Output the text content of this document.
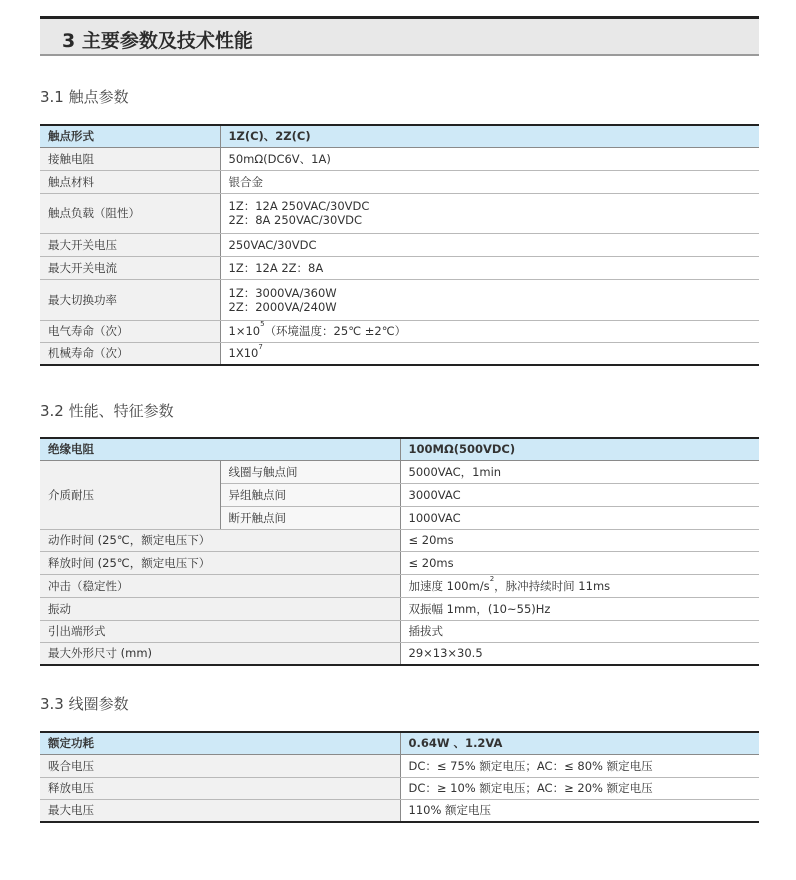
3 主要参数及技术性能
3.1 触点参数
触点形式	1Z(C)、2Z(C)
接触电阻	50mΩ(DC6V、1A)
触点材料	银合金
触点负载（阻性）	1Z：12A 250VAC/30VDC
2Z：8A 250VAC/30VDC

最大开关电压	250VAC/30VDC
最大开关电流	1Z：12A 2Z：8A
最大切换功率	1Z：3000VA/360W
2Z：2000VA/240W

电气寿命（次）	$1\times 10^5$（环境温度：25℃ ±2℃）
机械寿命（次）	$1X10^7$
3.2 性能、特征参数
绝缘电阻		100MΩ(500VDC)
介质耐压	线圈与触点间	5000VAC，1min
	异组触点间	3000VAC
	断开触点间	1000VAC
动作时间 (25℃，额定电压下）		≤ 20ms
释放时间 (25℃，额定电压下）		≤ 20ms
冲击（稳定性）		加速度 $100m/s^2$，脉冲持续时间 11ms
振动		双振幅 1mm，(10~55)Hz
引出端形式		插拔式
最大外形尺寸 (mm)		29×13×30.5
3.3 线圈参数
额定功耗	0.64W 、1.2VA
吸合电压	DC：≤ 75% 额定电压；AC：≤ 80% 额定电压
释放电压	DC：≥ 10% 额定电压；AC：≥ 20% 额定电压
最大电压	110% 额定电压
